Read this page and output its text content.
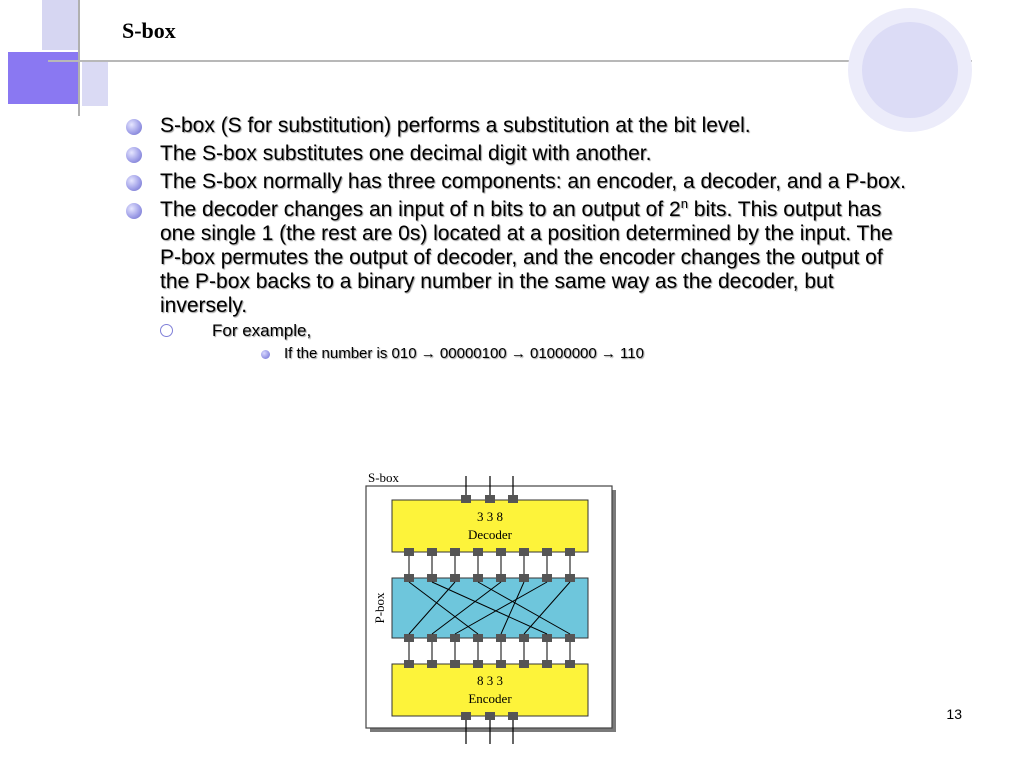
S-box
S-box (S for substitution) performs a substitution at the bit level.
The S-box substitutes one decimal digit with another.
The S-box normally has three components: an encoder, a decoder, and a P-box.
The decoder changes an input of n bits to an output of 2$^n$ bits. This output has one single 1 (the rest are 0s) located at a position determined by the input. The P-box permutes the output of decoder, and the encoder changes the output of the P-box backs to a binary number in the same way as the decoder, but inversely.
For example,
If the number is 010 → 00000100 → 01000000 → 110
S-box
3 3 8
Decoder
P-box
8 3 3
Encoder
13
